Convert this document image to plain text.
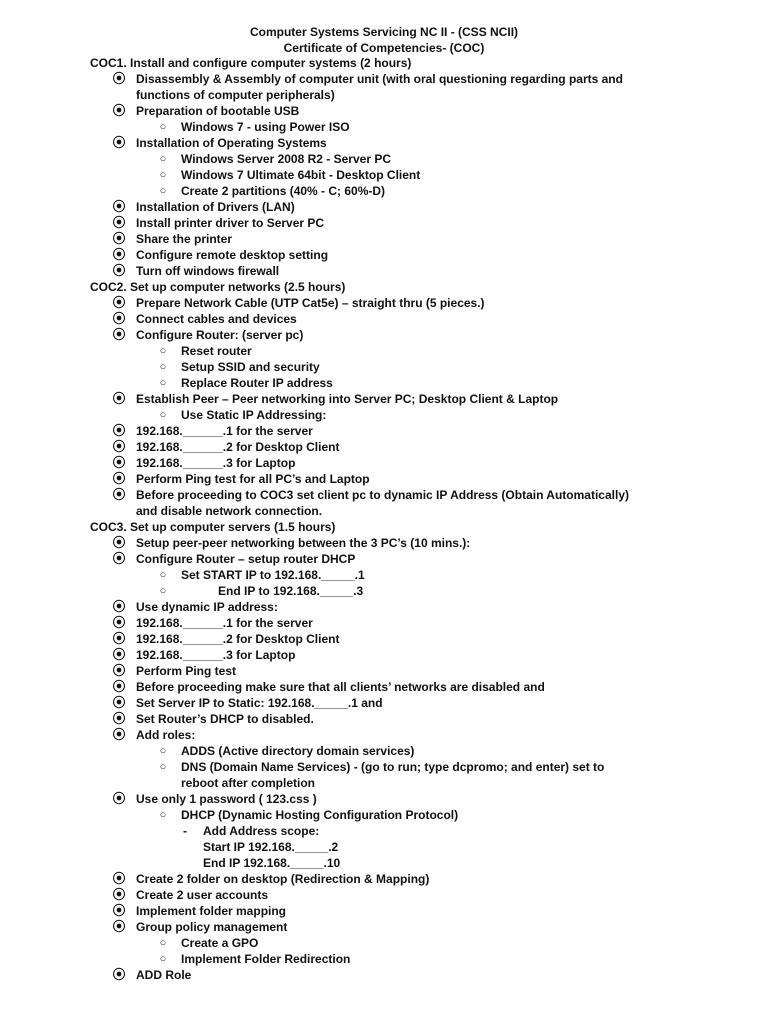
Computer Systems Servicing NC II - (CSS NCII)
Certificate of Competencies- (COC)
COC1. Install and configure computer systems (2 hours)
⦿ Disassembly & Assembly of computer unit (with oral questioning regarding parts and
functions of computer peripherals)
⦿ Preparation of bootable USB
○	Windows 7 - using Power ISO
⦿ Installation of Operating Systems
○	Windows Server 2008 R2 - Server PC
○	Windows 7 Ultimate 64bit - Desktop Client
○	Create 2 partitions (40% - C; 60%-D)
⦿ Installation of Drivers (LAN)
⦿ Install printer driver to Server PC
⦿ Share the printer
⦿ Configure remote desktop setting
⦿ Turn off windows firewall
COC2. Set up computer networks (2.5 hours)
⦿ Prepare Network Cable (UTP Cat5e) – straight thru (5 pieces.)
⦿ Connect cables and devices
⦿ Configure Router: (server pc)
○	Reset router
○	Setup SSID and security
○	Replace Router IP address
⦿ Establish Peer – Peer networking into Server PC; Desktop Client & Laptop
○	Use Static IP Addressing:
⦿ 192.168.______.1 for the server
⦿ 192.168.______.2 for Desktop Client
⦿ 192.168.______.3 for Laptop
⦿ Perform Ping test for all PC’s and Laptop
⦿ Before proceeding to COC3 set client pc to dynamic IP Address (Obtain Automatically)
and disable network connection.
COC3. Set up computer servers (1.5 hours)
⦿ Setup peer-peer networking between the 3 PC’s (10 mins.):
⦿ Configure Router – setup router DHCP
○	Set START IP to 192.168._____.1
○	End IP to 192.168._____.3
⦿ Use dynamic IP address:
⦿ 192.168.______.1 for the server
⦿ 192.168.______.2 for Desktop Client
⦿ 192.168.______.3 for Laptop
⦿ Perform Ping test
⦿ Before proceeding make sure that all clients’ networks are disabled and
⦿ Set Server IP to Static: 192.168._____.1 and
⦿ Set Router’s DHCP to disabled.
⦿ Add roles:
○	ADDS (Active directory domain services)
○	DNS (Domain Name Services) - (go to run; type dcpromo; and enter) set to
reboot after completion
⦿ Use only 1 password ( 123.css )
○	DHCP (Dynamic Hosting Configuration Protocol)
-	Add Address scope:
Start IP 192.168._____.2
End IP 192.168._____.10
⦿ Create 2 folder on desktop (Redirection & Mapping)
⦿ Create 2 user accounts
⦿ Implement folder mapping
⦿ Group policy management
○	Create a GPO
○	Implement Folder Redirection
⦿ ADD Role
